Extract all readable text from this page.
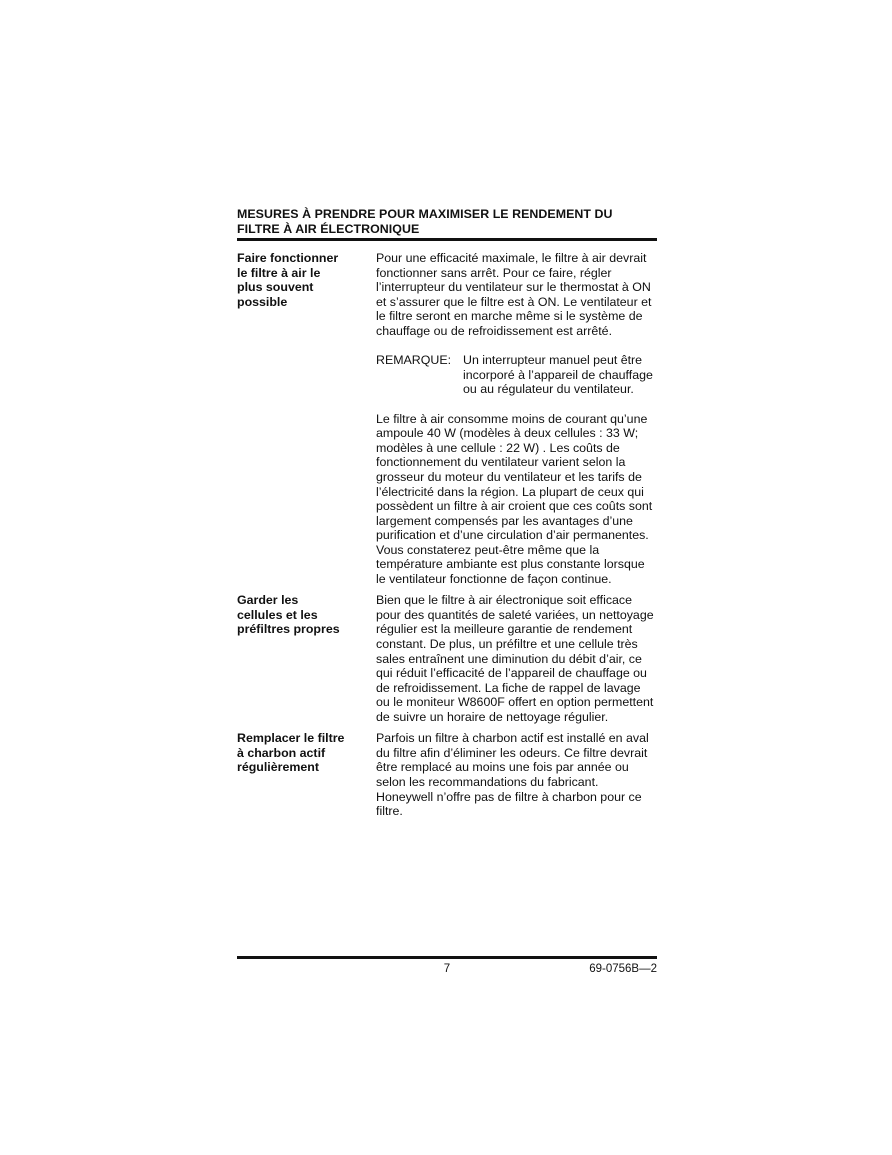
MESURES À PRENDRE POUR MAXIMISER LE RENDEMENT DU
FILTRE À AIR ÉLECTRONIQUE
Faire fonctionner
le filtre à air le
plus souvent
possible

Pour une efficacité maximale, le filtre à air devrait fonctionner sans arrêt. Pour ce faire, régler l’interrupteur du ventilateur sur le thermostat à ON et s’assurer que le filtre est à ON. Le ventilateur et le filtre seront en marche même si le système de chauffage ou de refroidissement est arrêté.

REMARQUE: Un interrupteur manuel peut être incorporé à l’appareil de chauffage ou au régulateur du ventilateur.

Le filtre à air consomme moins de courant qu’une ampoule 40 W (modèles à deux cellules : 33 W; modèles à une cellule : 22 W) . Les coûts de fonctionnement du ventilateur varient selon la grosseur du moteur du ventilateur et les tarifs de l’électricité dans la région. La plupart de ceux qui possèdent un filtre à air croient que ces coûts sont largement compensés par les avantages d’une purification et d’une circulation d’air permanentes. Vous constaterez peut-être même que la température ambiante est plus constante lorsque le ventilateur fonctionne de façon continue.

Garder les
cellules et les
préfiltres propres

Bien que le filtre à air électronique soit efficace pour des quantités de saleté variées, un nettoyage régulier est la meilleure garantie de rendement constant. De plus, un préfiltre et une cellule très sales entraînent une diminution du débit d’air, ce qui réduit l’efficacité de l’appareil de chauffage ou de refroidissement. La fiche de rappel de lavage ou le moniteur W8600F offert en option permettent de suivre un horaire de nettoyage régulier.

Remplacer le filtre
à charbon actif
régulièrement

Parfois un filtre à charbon actif est installé en aval du filtre afin d’éliminer les odeurs. Ce filtre devrait être remplacé au moins une fois par année ou selon les recommandations du fabricant. Honeywell n’offre pas de filtre à charbon pour ce filtre.

7	69-0756B—2
